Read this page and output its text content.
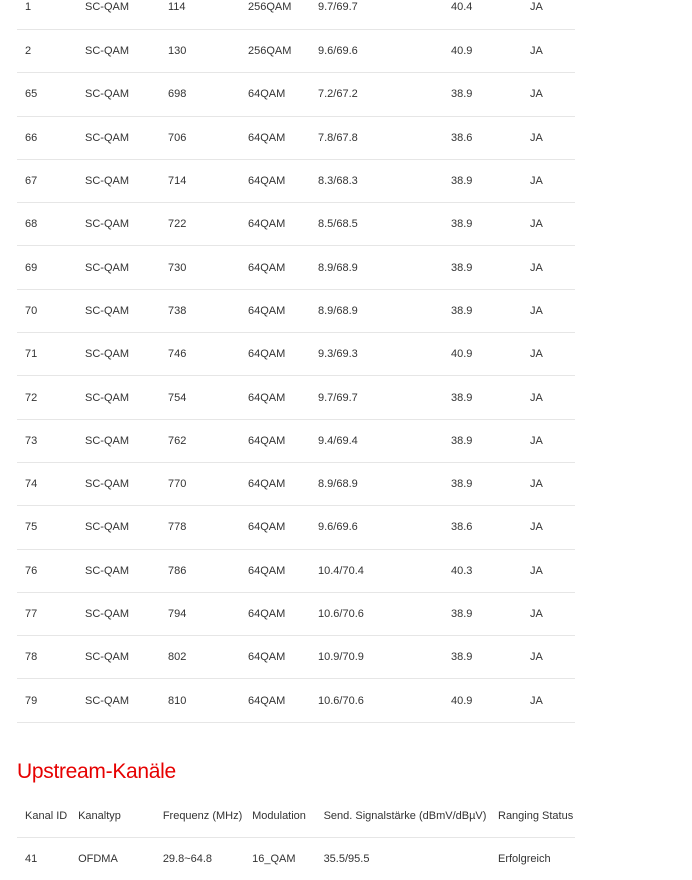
1	SC-QAM	114	256QAM	9.7/69.7	40.4	JA
2	SC-QAM	130	256QAM	9.6/69.6	40.9	JA
65	SC-QAM	698	64QAM	7.2/67.2	38.9	JA
66	SC-QAM	706	64QAM	7.8/67.8	38.6	JA
67	SC-QAM	714	64QAM	8.3/68.3	38.9	JA
68	SC-QAM	722	64QAM	8.5/68.5	38.9	JA
69	SC-QAM	730	64QAM	8.9/68.9	38.9	JA
70	SC-QAM	738	64QAM	8.9/68.9	38.9	JA
71	SC-QAM	746	64QAM	9.3/69.3	40.9	JA
72	SC-QAM	754	64QAM	9.7/69.7	38.9	JA
73	SC-QAM	762	64QAM	9.4/69.4	38.9	JA
74	SC-QAM	770	64QAM	8.9/68.9	38.9	JA
75	SC-QAM	778	64QAM	9.6/69.6	38.6	JA
76	SC-QAM	786	64QAM	10.4/70.4	40.3	JA
77	SC-QAM	794	64QAM	10.6/70.6	38.9	JA
78	SC-QAM	802	64QAM	10.9/70.9	38.9	JA
79	SC-QAM	810	64QAM	10.6/70.6	40.9	JA
Upstream-Kanäle
Kanal ID	Kanaltyp	Frequenz (MHz)	Modulation	Send. Signalstärke (dBmV/dBµV)	Ranging Status
41	OFDMA	29.8~64.8	16_QAM	35.5/95.5	Erfolgreich
